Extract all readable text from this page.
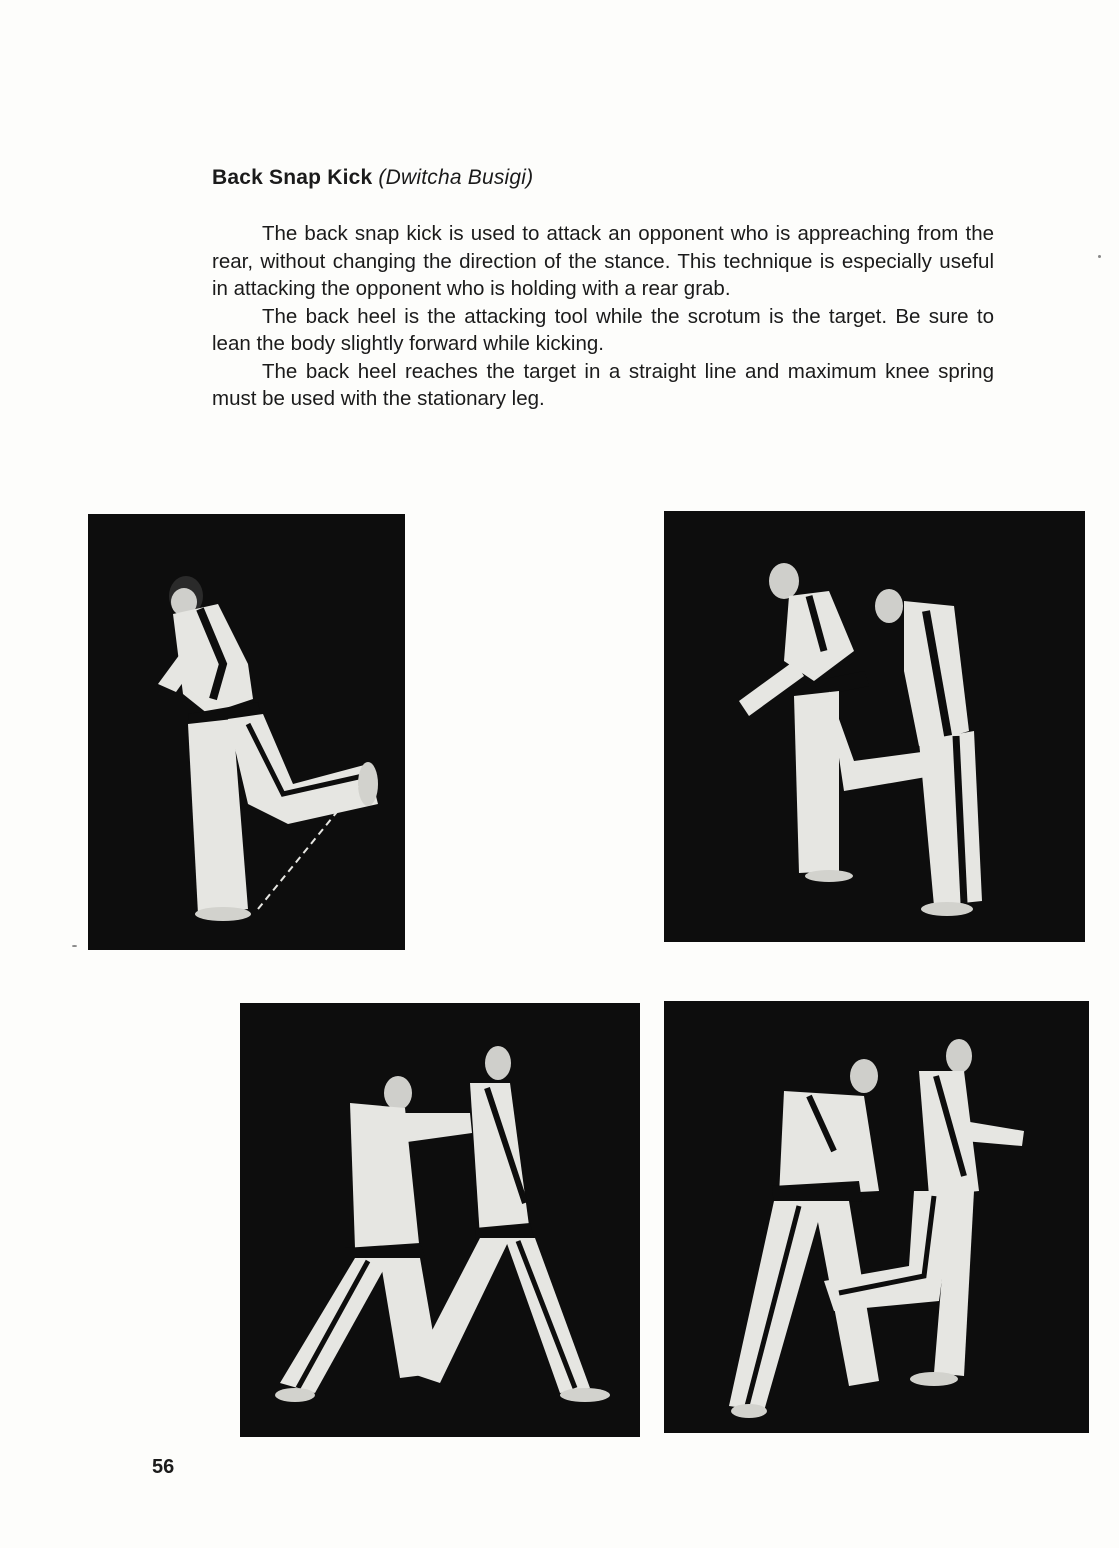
Back Snap Kick (Dwitcha Busigi)

The back snap kick is used to attack an opponent who is appreaching from the rear, without changing the direction of the stance. This technique is especially useful in attacking the opponent who is holding with a rear grab.

The back heel is the attacking tool while the scrotum is the target. Be sure to lean the body slightly forward while kicking.

The back heel reaches the target in a straight line and maximum knee spring must be used with the stationary leg.

56
